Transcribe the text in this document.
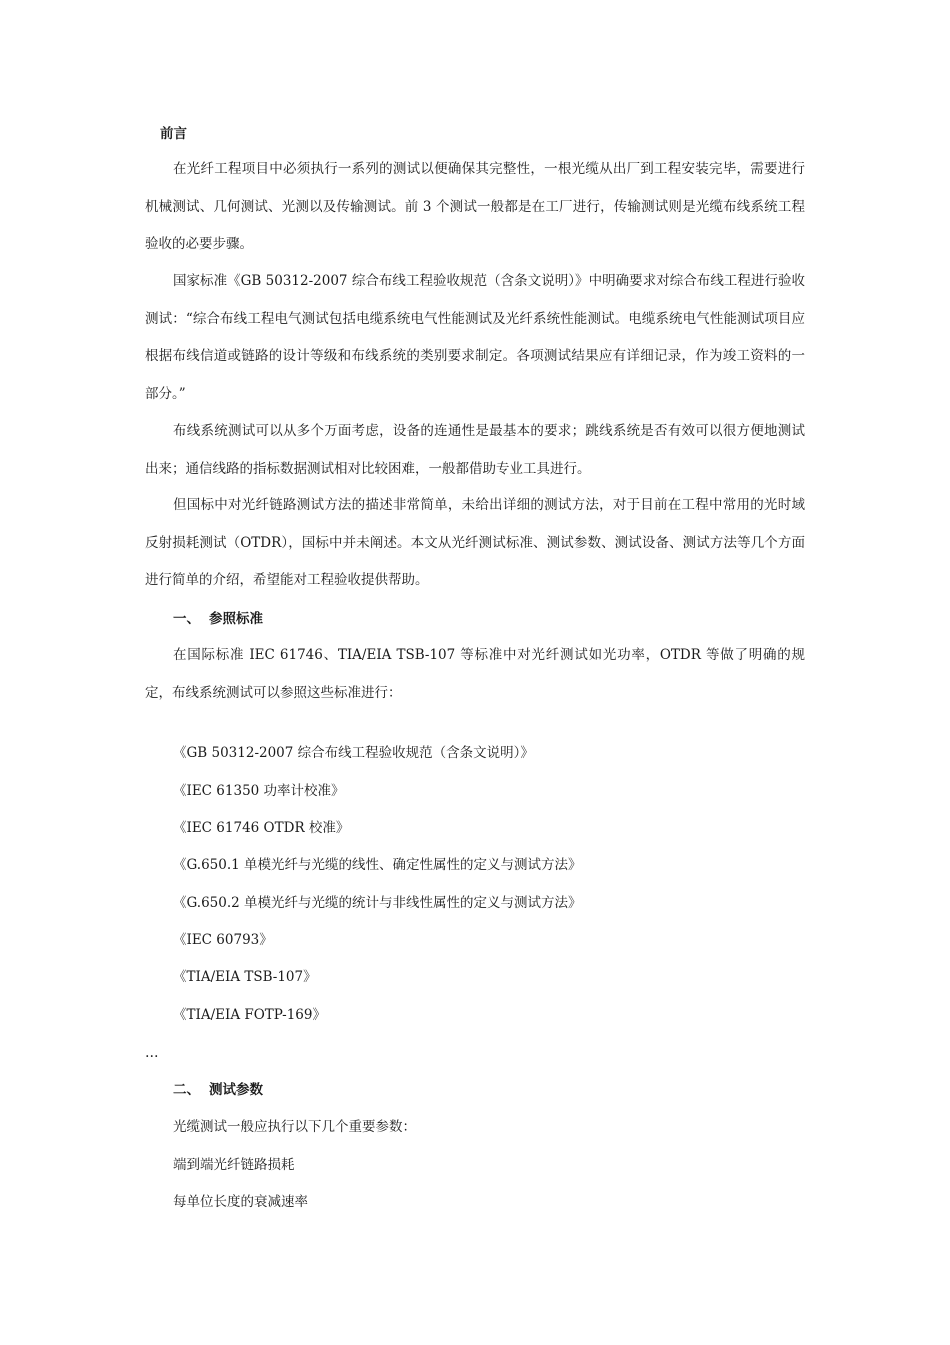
前言

在光纤工程项目中必须执行一系列的测试以便确保其完整性，一根光缆从出厂到工程安装完毕，需要进行机械测试、几何测试、光测以及传输测试。前 3 个测试一般都是在工厂进行，传输测试则是光缆布线系统工程验收的必要步骤。

国家标准《GB 50312-2007 综合布线工程验收规范（含条文说明）》中明确要求对综合布线工程进行验收测试：“综合布线工程电气测试包括电缆系统电气性能测试及光纤系统性能测试。电缆系统电气性能测试项目应根据布线信道或链路的设计等级和布线系统的类别要求制定。各项测试结果应有详细记录，作为竣工资料的一部分。”

布线系统测试可以从多个万面考虑，设备的连通性是最基本的要求；跳线系统是否有效可以很方便地测试出来；通信线路的指标数据测试相对比较困难，一般都借助专业工具进行。

但国标中对光纤链路测试方法的描述非常简单，未给出详细的测试方法，对于目前在工程中常用的光时域反射损耗测试（OTDR），国标中并未阐述。本文从光纤测试标准、测试参数、测试设备、测试方法等几个方面进行简单的介绍，希望能对工程验收提供帮助。

一、 参照标准

在国际标准 IEC 61746、TIA/EIA TSB-107 等标准中对光纤测试如光功率，OTDR 等做了明确的规定，布线系统测试可以参照这些标准进行：

《GB 50312-2007 综合布线工程验收规范（含条文说明）》
《IEC 61350 功率计校准》
《IEC 61746 OTDR 校准》
《G.650.1 单模光纤与光缆的线性、确定性属性的定义与测试方法》
《G.650.2 单模光纤与光缆的统计与非线性属性的定义与测试方法》
《IEC 60793》
《TIA/EIA TSB-107》
《TIA/EIA FOTP-169》
…
二、 测试参数
光缆测试一般应执行以下几个重要参数：
端到端光纤链路损耗
每单位长度的衰减速率
